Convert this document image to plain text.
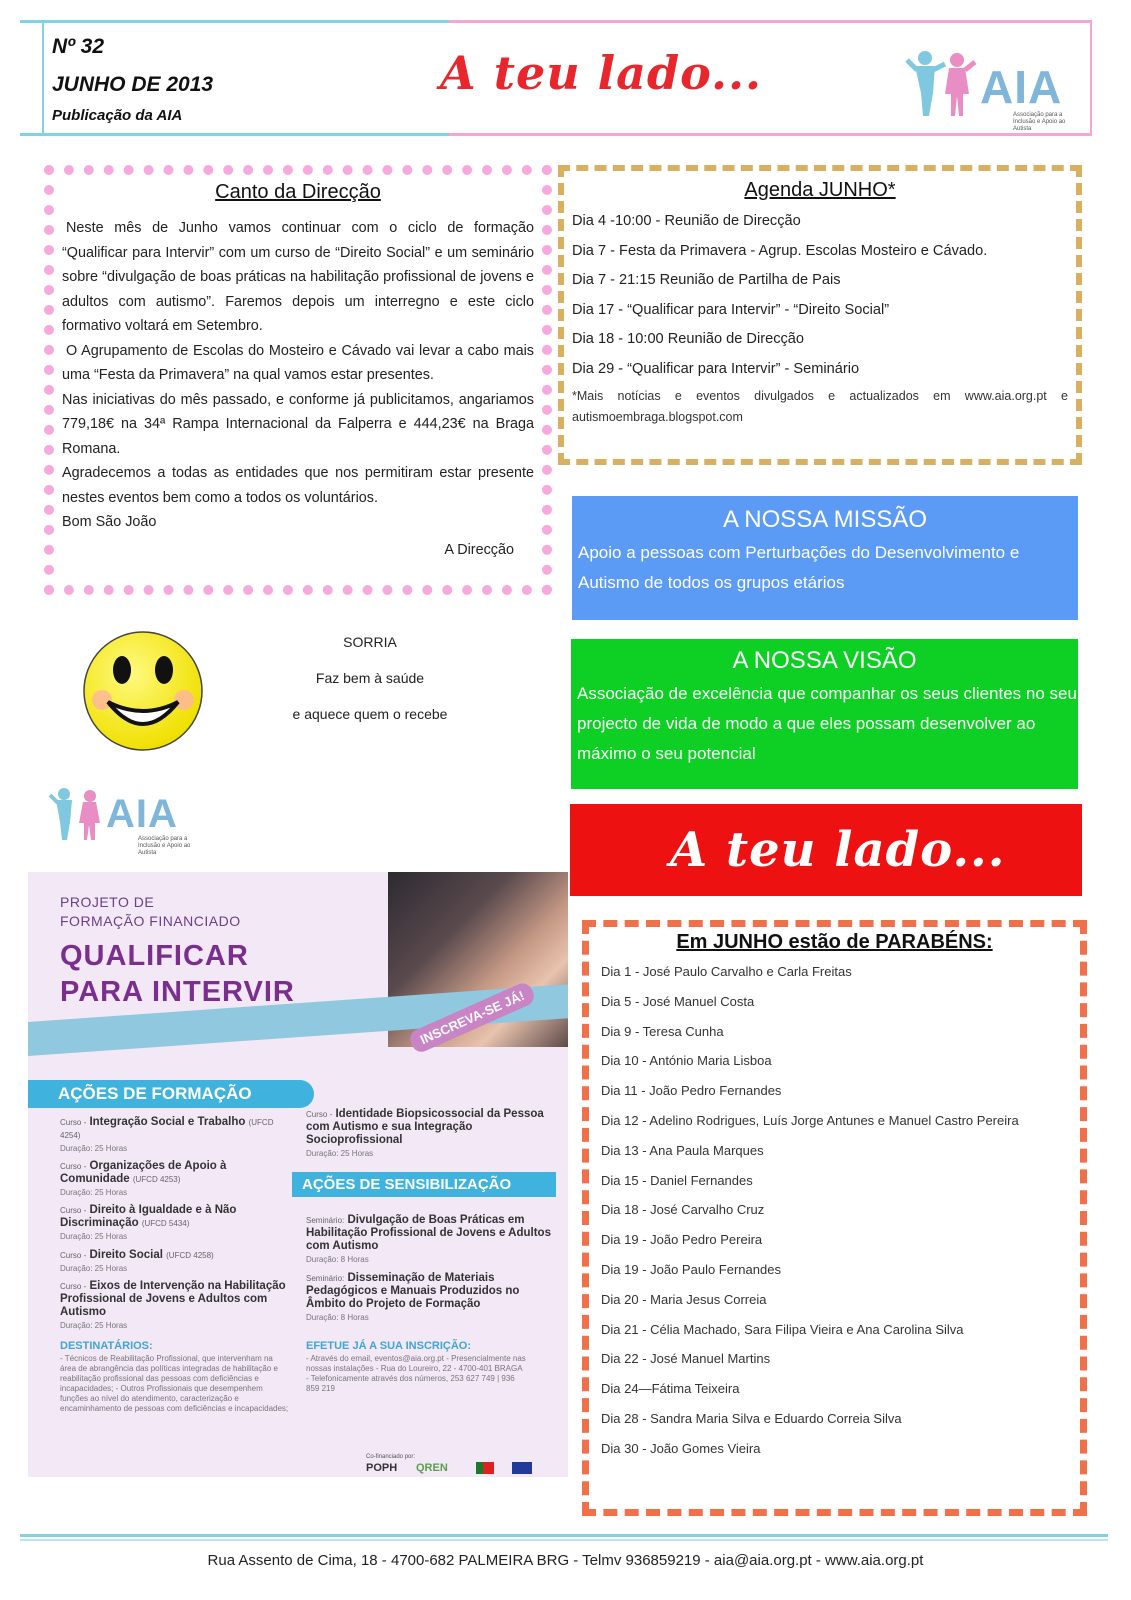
Nº 32
JUNHO DE 2013
Publicação da AIA
A teu lado...	AIA
Associação para a Inclusão e Apoio ao Autista
Canto da Direcção

Neste mês de Junho vamos continuar com o ciclo de formação “Qualificar para Intervir” com um curso de “Direito Social” e um seminário sobre “divulgação de boas práticas na habilitação profissional de jovens e adultos com autismo”. Faremos depois um interregno e este ciclo formativo voltará em Setembro.

O Agrupamento de Escolas do Mosteiro e Cávado vai levar a cabo mais uma “Festa da Primavera” na qual vamos estar presentes.

Nas iniciativas do mês passado, e conforme já publicitamos, angariamos 779,18€ na 34ª Rampa Internacional da Falperra e 444,23€ na Braga Romana.

Agradecemos a todas as entidades que nos permitiram estar presente nestes eventos bem como a todos os voluntários.

Bom São João

A Direcção

Agenda JUNHO*
Dia 4 -10:00 - Reunião de Direcção
Dia 7 - Festa da Primavera - Agrup. Escolas Mosteiro e Cávado.
Dia 7 - 21:15 Reunião de Partilha de Pais
Dia 17 - “Qualificar para Intervir” - “Direito Social”
Dia 18 - 10:00 Reunião de Direcção
Dia 29 - “Qualificar para Intervir” - Seminário
*Mais notícias e eventos divulgados e actualizados em www.aia.org.pt e autismoembraga.blogspot.com
A NOSSA MISSÃO
Apoio a pessoas com Perturbações do Desenvolvimento e Autismo de todos os grupos etários
A NOSSA VISÃO
Associação de excelência que companhar os seus clientes no seu projecto de vida de modo a que eles possam desenvolver ao máximo o seu potencial
A teu lado...
SORRIA
Faz bem à saúde
e aquece quem o recebe
AIA
Associação para a Inclusão e Apoio ao Autista
PROJETO DE
FORMAÇÃO FINANCIADO
QUALIFICAR
PARA INTERVIR	INSCREVA-SE JÁ!
AÇÕES DE FORMAÇÃO
Curso - Integração Social e Trabalho (UFCD 4254)
Duração: 25 Horas
Curso - Organizações de Apoio à Comunidade (UFCD 4253)
Duração: 25 Horas
Curso - Direito à Igualdade e à Não Discriminação (UFCD 5434)
Duração: 25 Horas
Curso - Direito Social (UFCD 4258)
Duração: 25 Horas
Curso - Eixos de Intervenção na Habilitação Profissional de Jovens e Adultos com Autismo
Duração: 25 Horas
Curso - Identidade Biopsicossocial da Pessoa com Autismo e sua Integração Socioprofissional
Duração: 25 Horas
AÇÕES DE SENSIBILIZAÇÃO
Seminário: Divulgação de Boas Práticas em Habilitação Profissional de Jovens e Adultos com Autismo
Duração: 8 Horas
Seminário: Disseminação de Materiais Pedagógicos e Manuais Produzidos no Âmbito do Projeto de Formação
Duração: 8 Horas
DESTINATÁRIOS:
- Técnicos de Reabilitação Profissional, que intervenham na área de abrangência das políticas integradas de habilitação e reabilitação profissional das pessoas com deficiências e incapacidades; - Outros Profissionais que desempenhem funções ao nível do atendimento, caracterização e encaminhamento de pessoas com deficiências e incapacidades;
EFETUE JÁ A SUA INSCRIÇÃO:
- Através do email, eventos@aia.org.pt - Presencialmente nas nossas instalações - Rua do Loureiro, 22 - 4700-401 BRAGA - Telefonicamente através dos números, 253 627 749 | 936 859 219
Co-financiado por:
POPH QREN
Em JUNHO estão de PARABÉNS:
Dia 1 - José Paulo Carvalho e Carla Freitas
Dia 5 - José Manuel Costa
Dia 9 - Teresa Cunha
Dia 10 - António Maria Lisboa
Dia 11 - João Pedro Fernandes
Dia 12 - Adelino Rodrigues, Luís Jorge Antunes e Manuel Castro Pereira
Dia 13 - Ana Paula Marques
Dia 15 - Daniel Fernandes
Dia 18 - José Carvalho Cruz
Dia 19 - João Pedro Pereira
Dia 19 - João Paulo Fernandes
Dia 20 - Maria Jesus Correia
Dia 21 - Célia Machado, Sara Filipa Vieira e Ana Carolina Silva
Dia 22 - José Manuel Martins
Dia 24—Fátima Teixeira
Dia 28 - Sandra Maria Silva e Eduardo Correia Silva
Dia 30 - João Gomes Vieira
Rua Assento de Cima, 18 - 4700-682 PALMEIRA BRG - Telmv 936859219 - aia@aia.org.pt - www.aia.org.pt
